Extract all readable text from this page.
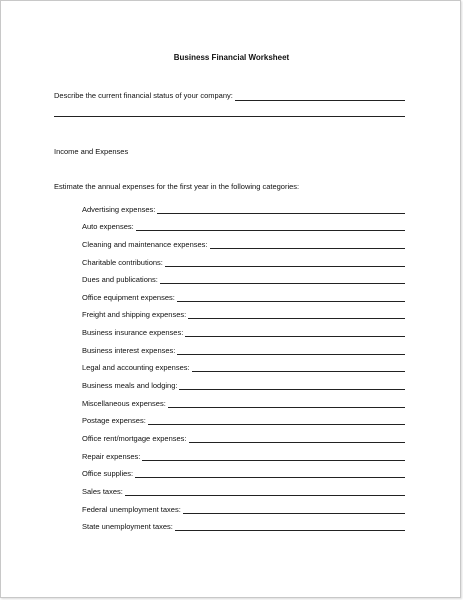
Business Financial Worksheet
Describe the current financial status of your company:
Income and Expenses
Estimate the annual expenses for the first year in the following categories:
Advertising expenses:
Auto expenses:
Cleaning and maintenance expenses:
Charitable contributions:
Dues and publications:
Office equipment expenses:
Freight and shipping expenses:
Business insurance expenses:
Business interest expenses:
Legal and accounting expenses:
Business meals and lodging:
Miscellaneous expenses:
Postage expenses:
Office rent/mortgage expenses:
Repair expenses:
Office supplies:
Sales taxes:
Federal unemployment taxes:
State unemployment taxes:
